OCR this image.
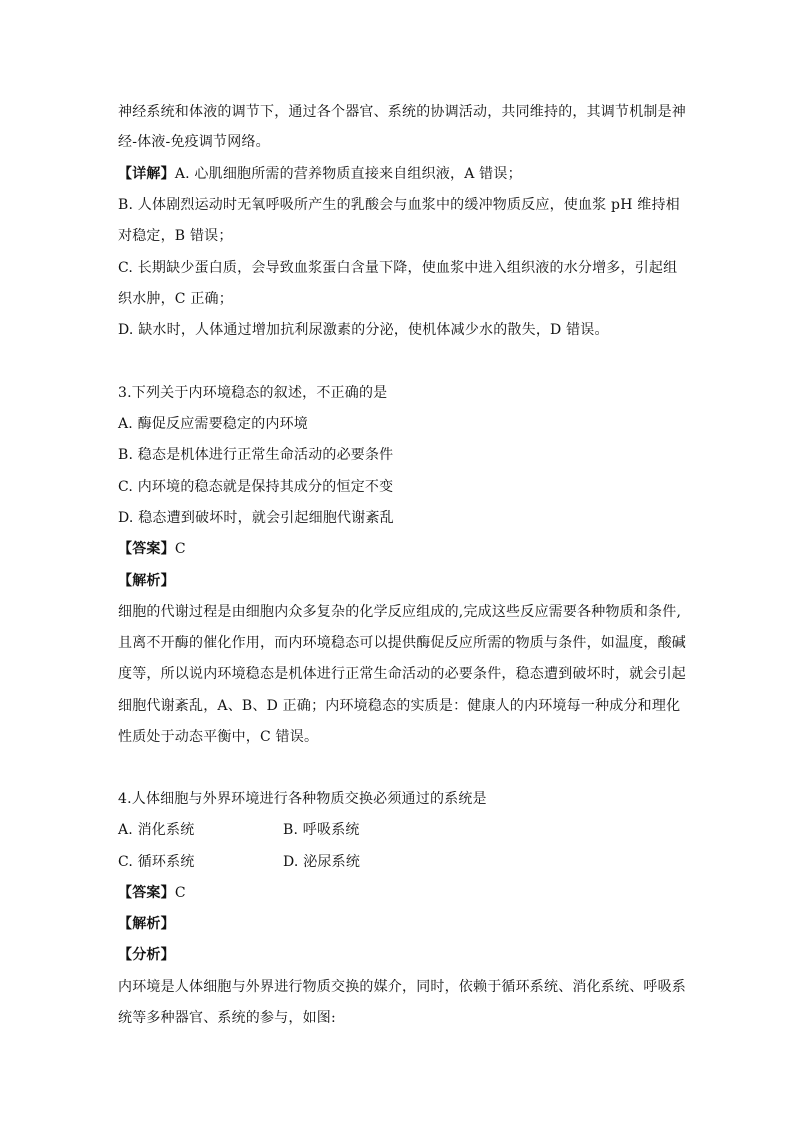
神经系统和体液的调节下，通过各个器官、系统的协调活动，共同维持的，其调节机制是神
经-体液-免疫调节网络。
【详解】A. 心肌细胞所需的营养物质直接来自组织液，A 错误；
B. 人体剧烈运动时无氧呼吸所产生的乳酸会与血浆中的缓冲物质反应，使血浆 pH 维持相
对稳定，B 错误；
C. 长期缺少蛋白质，会导致血浆蛋白含量下降，使血浆中进入组织液的水分增多，引起组
织水肿，C 正确；
D. 缺水时，人体通过增加抗利尿激素的分泌，使机体减少水的散失，D 错误。
3.下列关于内环境稳态的叙述，不正确的是
A. 酶促反应需要稳定的内环境
B. 稳态是机体进行正常生命活动的必要条件
C. 内环境的稳态就是保持其成分的恒定不变
D. 稳态遭到破坏时，就会引起细胞代谢紊乱
【答案】C
【解析】
细胞的代谢过程是由细胞内众多复杂的化学反应组成的,完成这些反应需要各种物质和条件,
且离不开酶的催化作用，而内环境稳态可以提供酶促反应所需的物质与条件，如温度，酸碱
度等，所以说内环境稳态是机体进行正常生命活动的必要条件，稳态遭到破坏时，就会引起
细胞代谢紊乱，A、B、D 正确；内环境稳态的实质是：健康人的内环境每一种成分和理化
性质处于动态平衡中，C 错误。
4.人体细胞与外界环境进行各种物质交换必须通过的系统是
A. 消化系统	B. 呼吸系统
C. 循环系统	D. 泌尿系统
【答案】C
【解析】
【分析】
内环境是人体细胞与外界进行物质交换的媒介，同时，依赖于循环系统、消化系统、呼吸系
统等多种器官、系统的参与，如图:
